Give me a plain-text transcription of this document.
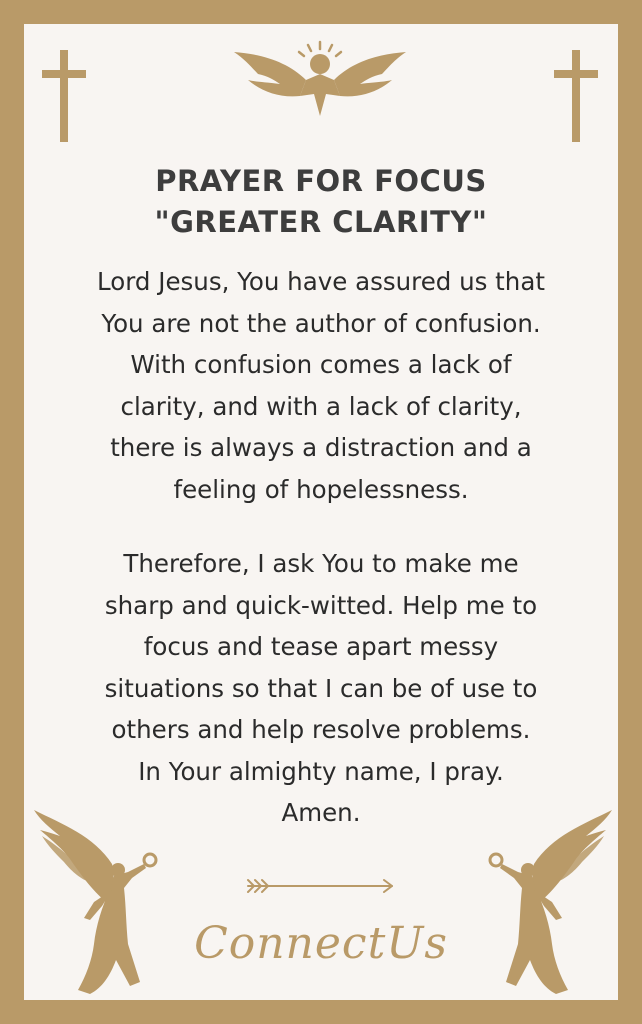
PRAYER FOR FOCUS
"GREATER CLARITY"
Lord Jesus, You have assured us that
You are not the author of confusion.
With confusion comes a lack of
clarity, and with a lack of clarity,
there is always a distraction and a
feeling of hopelessness.
Therefore, I ask You to make me
sharp and quick-witted. Help me to
focus and tease apart messy
situations so that I can be of use to
others and help resolve problems.
In Your almighty name, I pray.
Amen.
ConnectUs
